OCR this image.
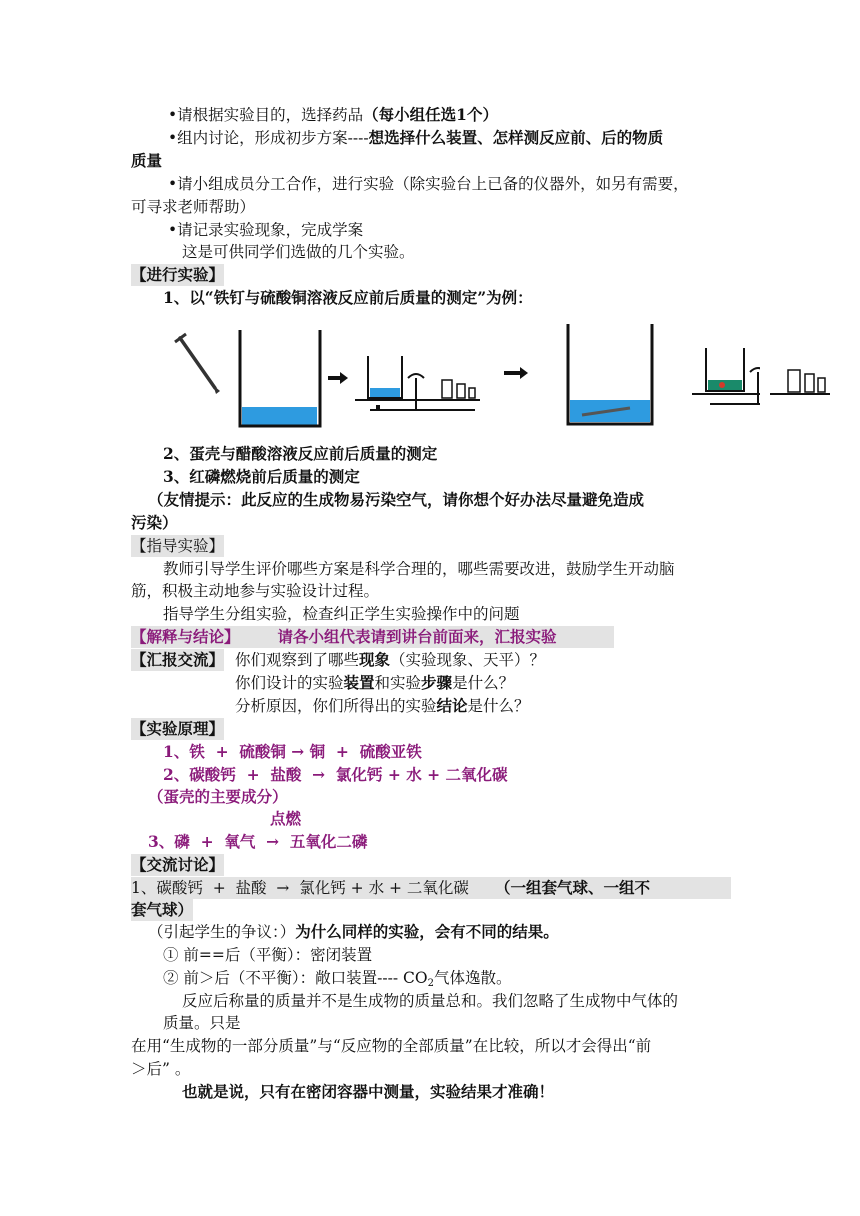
•请根据实验目的，选择药品（每小组任选1个）
•组内讨论，形成初步方案----想选择什么装置、怎样测反应前、后的物质
质量
•请小组成员分工合作，进行实验（除实验台上已备的仪器外，如另有需要，
可寻求老师帮助）
•请记录实验现象，完成学案
这是可供同学们选做的几个实验。
【进行实验】
1、以“铁钉与硫酸铜溶液反应前后质量的测定”为例：
2、蛋壳与醋酸溶液反应前后质量的测定
3、红磷燃烧前后质量的测定
（友情提示：此反应的生成物易污染空气，请你想个好办法尽量避免造成
污染）
【指导实验】
教师引导学生评价哪些方案是科学合理的，哪些需要改进，鼓励学生开动脑
筋，积极主动地参与实验设计过程。
指导学生分组实验，检查纠正学生实验操作中的问题
【解释与结论】 请各小组代表请到讲台前面来，汇报实验
【汇报交流】 你们观察到了哪些现象（实验现象、天平）？
你们设计的实验装置和实验步骤是什么？
分析原因，你们所得出的实验结论是什么？
【实验原理】
1、铁  +  硫酸铜 → 铜  +  硫酸亚铁
2、碳酸钙  +  盐酸  →  氯化钙 + 水 + 二氧化碳
（蛋壳的主要成分）
点燃
3、磷  +  氧气  →  五氧化二磷
【交流讨论】
1、碳酸钙  +  盐酸  →  氯化钙 + 水 + 二氧化碳 （一组套气球、一组不
套气球）
（引起学生的争议：）为什么同样的实验，会有不同的结果。
① 前==后（平衡）：密闭装置
② 前＞后（不平衡）：敞口装置---- $CO_2$气体逸散。
反应后称量的质量并不是生成物的质量总和。我们忽略了生成物中气体的
质量。只是
在用“生成物的一部分质量”与“反应物的全部质量”在比较，所以才会得出“前
＞后” 。
也就是说，只有在密闭容器中测量，实验结果才准确！
